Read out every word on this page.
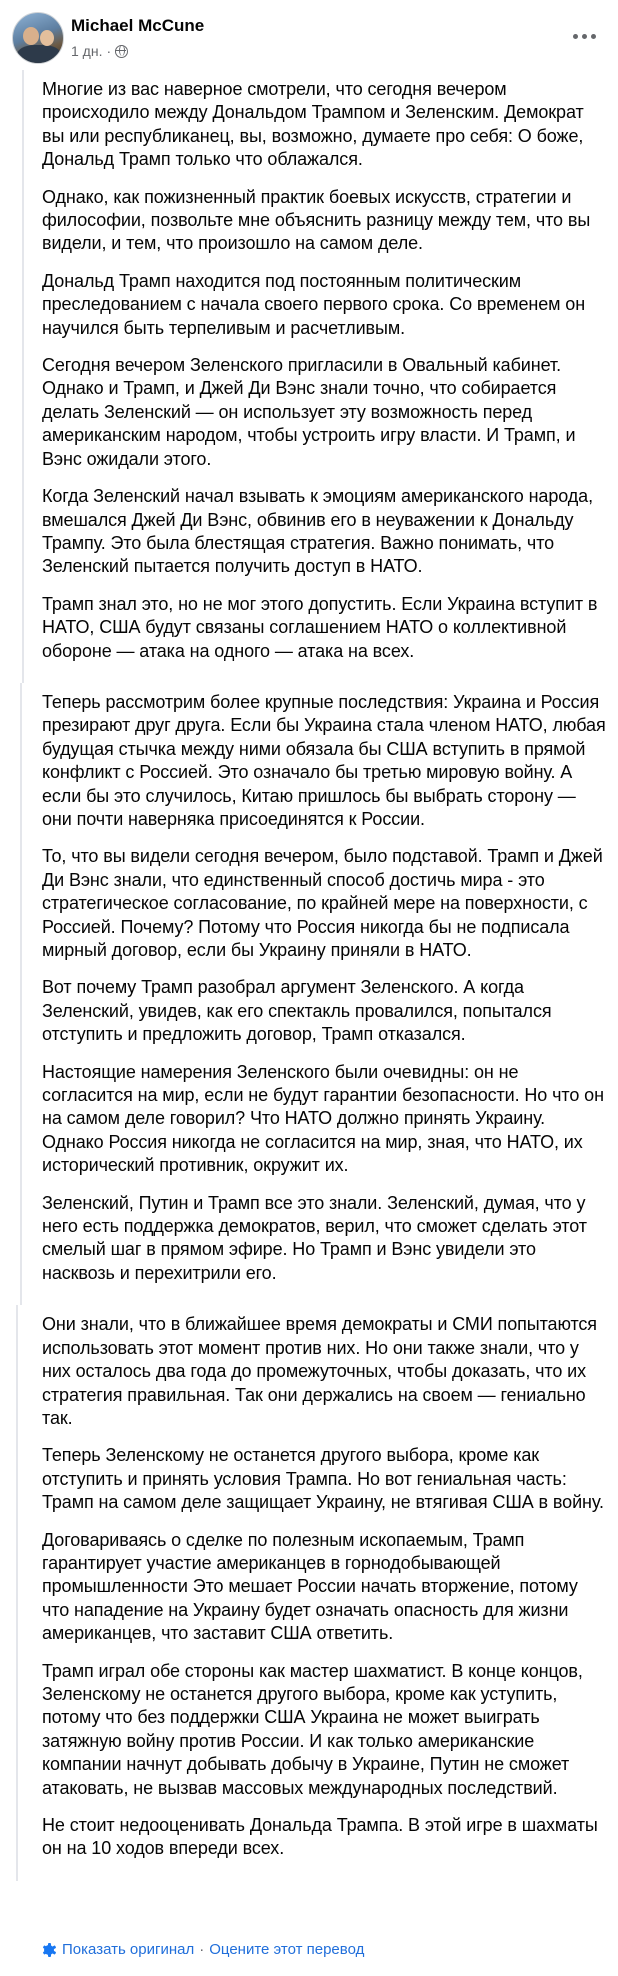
Michael McCune
1 дн. ·

Многие из вас наверное смотрели, что сегодня вечером происходило между Дональдом Трампом и Зеленским. Демократ вы или республиканец, вы, возможно, думаете про себя: О боже, Дональд Трамп только что облажался.

Однако, как пожизненный практик боевых искусств, стратегии и философии, позвольте мне объяснить разницу между тем, что вы видели, и тем, что произошло на самом деле.

Дональд Трамп находится под постоянным политическим преследованием с начала своего первого срока. Со временем он научился быть терпеливым и расчетливым.

Сегодня вечером Зеленского пригласили в Овальный кабинет. Однако и Трамп, и Джей Ди Вэнс знали точно, что собирается делать Зеленский — он использует эту возможность перед американским народом, чтобы устроить игру власти. И Трамп, и Вэнс ожидали этого.

Когда Зеленский начал взывать к эмоциям американского народа, вмешался Джей Ди Вэнс, обвинив его в неуважении к Дональду Трампу. Это была блестящая стратегия. Важно понимать, что Зеленский пытается получить доступ в НАТО.

Трамп знал это, но не мог этого допустить. Если Украина вступит в НАТО, США будут связаны соглашением НАТО о коллективной обороне — атака на одного — атака на всех.

Теперь рассмотрим более крупные последствия: Украина и Россия презирают друг друга. Если бы Украина стала членом НАТО, любая будущая стычка между ними обязала бы США вступить в прямой конфликт с Россией. Это означало бы третью мировую войну. А если бы это случилось, Китаю пришлось бы выбрать сторону — они почти наверняка присоединятся к России.

То, что вы видели сегодня вечером, было подставой. Трамп и Джей Ди Вэнс знали, что единственный способ достичь мира - это стратегическое согласование, по крайней мере на поверхности, с Россией. Почему? Потому что Россия никогда бы не подписала мирный договор, если бы Украину приняли в НАТО.

Вот почему Трамп разобрал аргумент Зеленского. А когда Зеленский, увидев, как его спектакль провалился, попытался отступить и предложить договор, Трамп отказался.

Настоящие намерения Зеленского были очевидны: он не согласится на мир, если не будут гарантии безопасности. Но что он на самом деле говорил? Что НАТО должно принять Украину. Однако Россия никогда не согласится на мир, зная, что НАТО, их исторический противник, окружит их.

Зеленский, Путин и Трамп все это знали. Зеленский, думая, что у него есть поддержка демократов, верил, что сможет сделать этот смелый шаг в прямом эфире. Но Трамп и Вэнс увидели это насквозь и перехитрили его.

Они знали, что в ближайшее время демократы и СМИ попытаются использовать этот момент против них. Но они также знали, что у них осталось два года до промежуточных, чтобы доказать, что их стратегия правильная. Так они держались на своем — гениально так.

Теперь Зеленскому не останется другого выбора, кроме как отступить и принять условия Трампа. Но вот гениальная часть: Трамп на самом деле защищает Украину, не втягивая США в войну.

Договариваясь о сделке по полезным ископаемым, Трамп гарантирует участие американцев в горнодобывающей промышленности Это мешает России начать вторжение, потому что нападение на Украину будет означать опасность для жизни американцев, что заставит США ответить.

Трамп играл обе стороны как мастер шахматист. В конце концов, Зеленскому не останется другого выбора, кроме как уступить, потому что без поддержки США Украина не может выиграть затяжную войну против России. И как только американские компании начнут добывать добычу в Украине, Путин не сможет атаковать, не вызвав массовых международных последствий.

Не стоит недооценивать Дональда Трампа. В этой игре в шахматы он на 10 ходов впереди всех.

Показать оригинал · Оцените этот перевод
